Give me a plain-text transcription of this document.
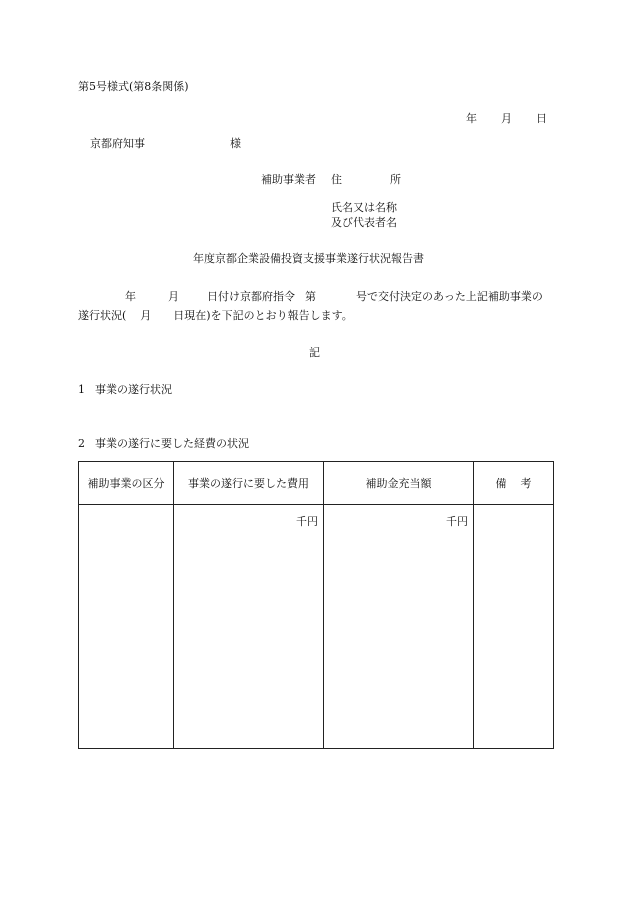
第5号様式(第8条関係)

年 月 日

京都府知事	様
補助事業者 住	所
氏名又は名称
及び代表者名
年度京都企業設備投資支援事業遂行状況報告書
年	月	日付け京都府指令 第	号で交付決定のあった上記補助事業の
遂行状況( 月 日現在)を下記のとおり報告します。
記
1 事業の遂行状況
2 事業の遂行に要した経費の状況
補助事業の区分	事業の遂行に要した費用	補助金充当額	備 考
	千円	千円	
